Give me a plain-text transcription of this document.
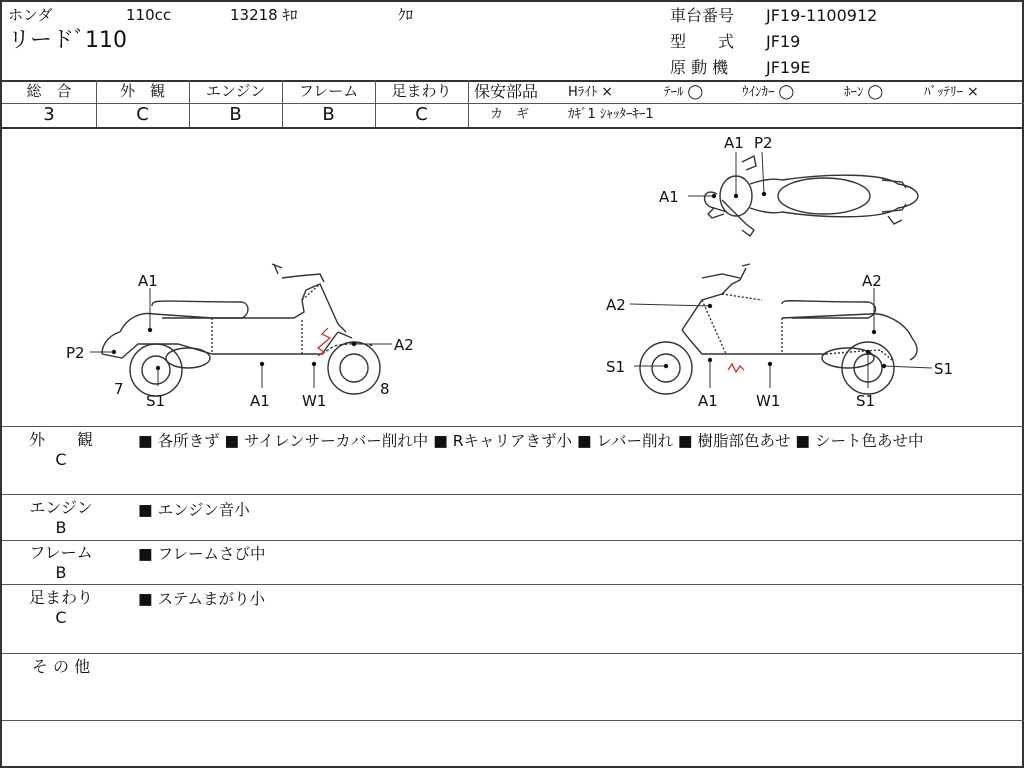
ホンダ	110cc	13218 ｷﾛ	ｸﾛ
リードﾞ110
車台番号 JF19-1100912
型　　式 JF19
原 動 機 JF19E
総　合
3
外　観
C
エンジン
B
フレーム
B
足まわり
C
保安部品 Hﾗｲﾄ ×	ﾃｰﾙ ◯	ｳｲﾝｶｰ ◯	ﾎｰﾝ ◯	ﾊﾞｯﾃﾘｰ ×
カ　ギ	ｶｷﾞ1 ｼｬｯﾀｰｷｰ1
A1 P2
A1
A1
P2	A2
7
S1	A1 W1
8
A2
A2
S1	S1
A1	W1	S1
外　　観
C
■ 各所きず ■ サイレンサーカバー削れ中 ■ Rキャリアきず小 ■ レバー削れ ■ 樹脂部色あせ ■ シート色あせ中
エンジン
B
■ エンジン音小
フレーム
B
■ フレームさび中
足まわり
C
■ ステムまがり小
そ の 他
